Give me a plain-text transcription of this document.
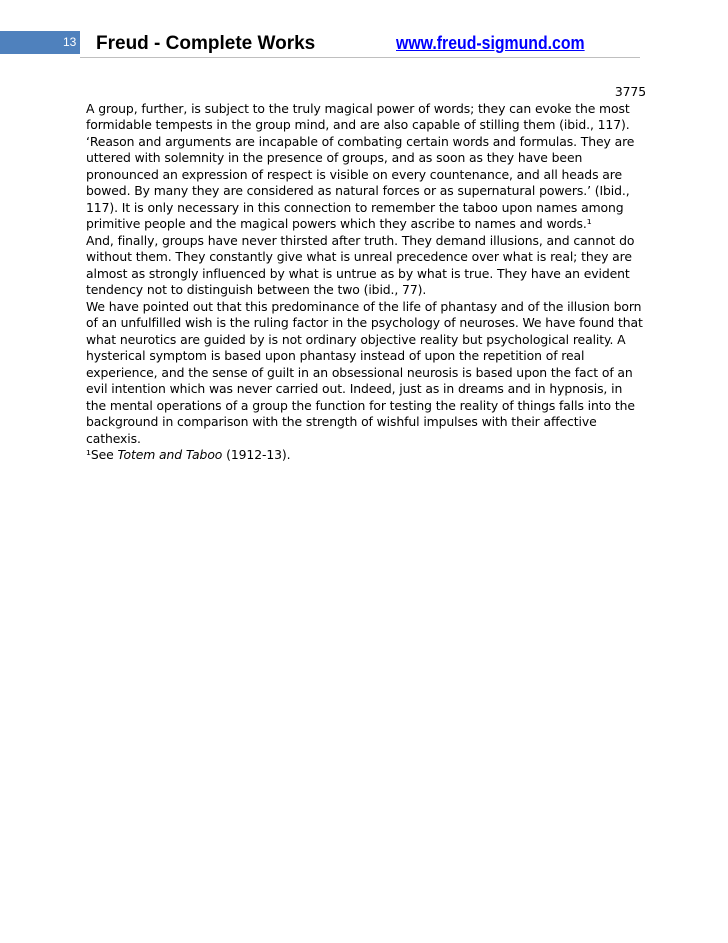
13 Freud - Complete Works	www.freud-sigmund.com

3775

A group, further, is subject to the truly magical power of words; they can evoke the most formidable tempests in the group mind, and are also capable of stilling them (ibid., 117). ‘Reason and arguments are incapable of combating certain words and formulas. They are uttered with solemnity in the presence of groups, and as soon as they have been pronounced an expression of respect is visible on every countenance, and all heads are bowed. By many they are considered as natural forces or as supernatural powers.’ (Ibid., 117). It is only necessary in this connection to remember the taboo upon names among primitive people and the magical powers which they ascribe to names and words.¹

And, finally, groups have never thirsted after truth. They demand illusions, and cannot do without them. They constantly give what is unreal precedence over what is real; they are almost as strongly influenced by what is untrue as by what is true. They have an evident tendency not to distinguish between the two (ibid., 77).

We have pointed out that this predominance of the life of phantasy and of the illusion born of an unfulfilled wish is the ruling factor in the psychology of neuroses. We have found that what neurotics are guided by is not ordinary objective reality but psychological reality. A hysterical symptom is based upon phantasy instead of upon the repetition of real experience, and the sense of guilt in an obsessional neurosis is based upon the fact of an evil intention which was never carried out. Indeed, just as in dreams and in hypnosis, in the mental operations of a group the function for testing the reality of things falls into the background in comparison with the strength of wishful impulses with their affective cathexis.

¹See Totem and Taboo (1912-13).
